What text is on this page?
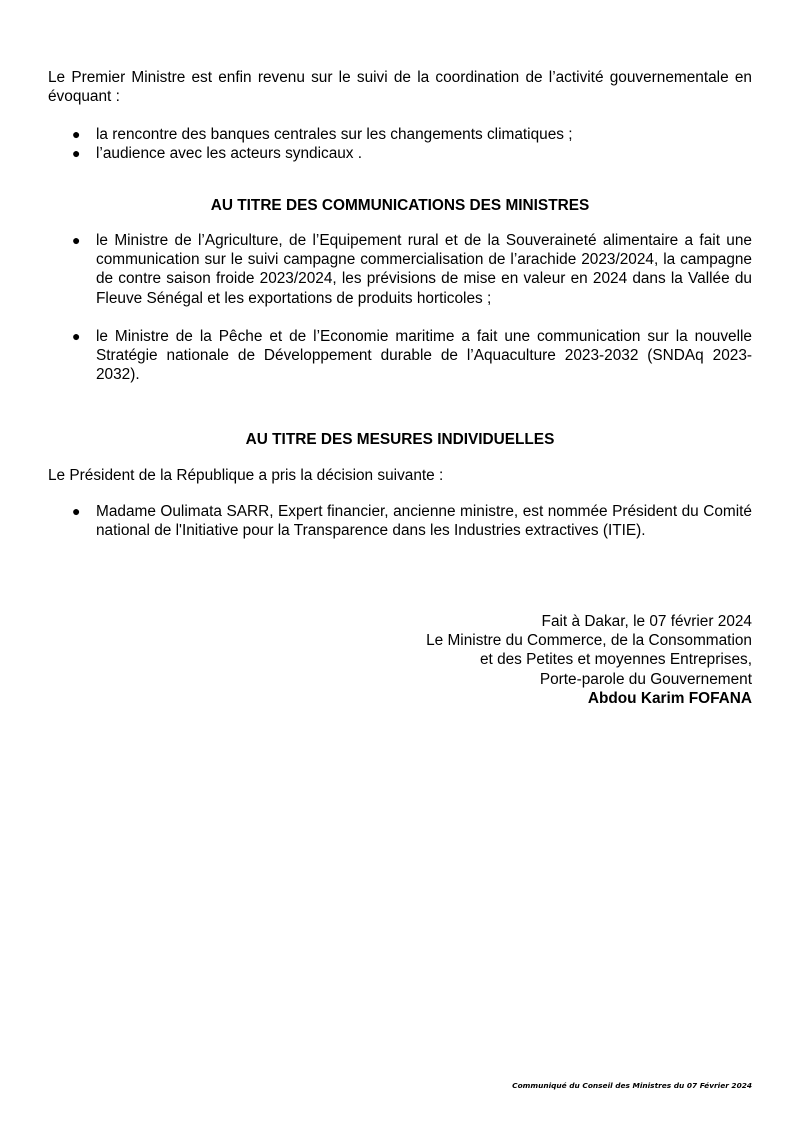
Le Premier Ministre est enfin revenu sur le suivi de la coordination de l’activité gouvernementale en évoquant :

● la rencontre des banques centrales sur les changements climatiques ;
● l’audience avec les acteurs syndicaux .
AU TITRE DES COMMUNICATIONS DES MINISTRES
● le Ministre de l’Agriculture, de l’Equipement rural et de la Souveraineté alimentaire a fait une communication sur le suivi campagne commercialisation de l’arachide 2023/2024, la campagne de contre saison froide 2023/2024, les prévisions de mise en valeur en 2024 dans la Vallée du Fleuve Sénégal et les exportations de produits horticoles ;
● le Ministre de la Pêche et de l’Economie maritime a fait une communication sur la nouvelle Stratégie nationale de Développement durable de l’Aquaculture 2023-2032 (SNDAq 2023-2032).
AU TITRE DES MESURES INDIVIDUELLES

Le Président de la République a pris la décision suivante :

● Madame Oulimata SARR, Expert financier, ancienne ministre, est nommée Président du Comité national de l'Initiative pour la Transparence dans les Industries extractives (ITIE).
Fait à Dakar, le 07 février 2024
Le Ministre du Commerce, de la Consommation
et des Petites et moyennes Entreprises,
Porte-parole du Gouvernement
Abdou Karim FOFANA
Communiqué du Conseil des Ministres du 07 Février 2024
